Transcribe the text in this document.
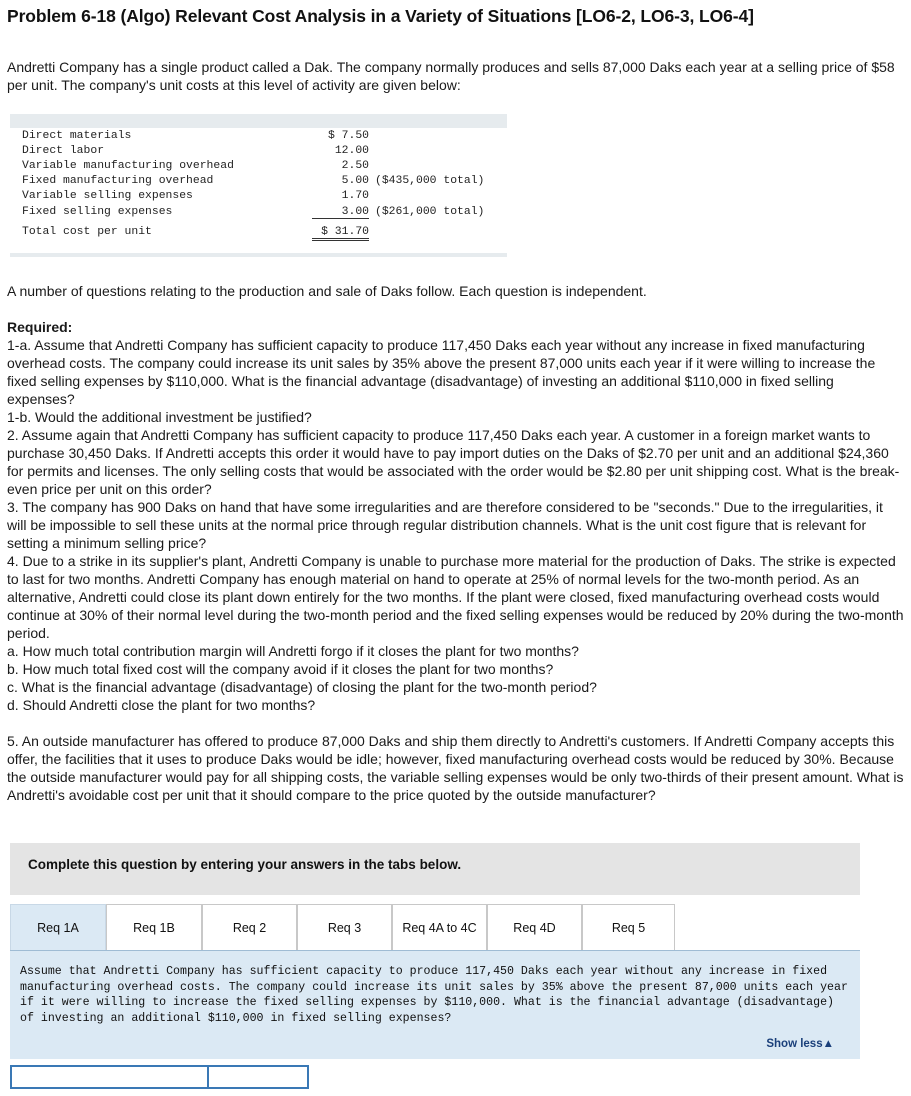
Problem 6-18 (Algo) Relevant Cost Analysis in a Variety of Situations [LO6-2, LO6-3, LO6-4]
Andretti Company has a single product called a Dak. The company normally produces and sells 87,000 Daks each year at a selling price of $58 per unit. The company's unit costs at this level of activity are given below:
Direct materials	$ 7.50
Direct labor	12.00
Variable manufacturing overhead	2.50
Fixed manufacturing overhead	5.00 ($435,000 total)
Variable selling expenses	1.70
Fixed selling expenses	3.00 ($261,000 total)
Total cost per unit	$ 31.70
A number of questions relating to the production and sale of Daks follow. Each question is independent.
Required:
1-a. Assume that Andretti Company has sufficient capacity to produce 117,450 Daks each year without any increase in fixed manufacturing overhead costs. The company could increase its unit sales by 35% above the present 87,000 units each year if it were willing to increase the fixed selling expenses by $110,000. What is the financial advantage (disadvantage) of investing an additional $110,000 in fixed selling expenses?
1-b. Would the additional investment be justified?
2. Assume again that Andretti Company has sufficient capacity to produce 117,450 Daks each year. A customer in a foreign market wants to purchase 30,450 Daks. If Andretti accepts this order it would have to pay import duties on the Daks of $2.70 per unit and an additional $24,360 for permits and licenses. The only selling costs that would be associated with the order would be $2.80 per unit shipping cost. What is the break-even price per unit on this order?
3. The company has 900 Daks on hand that have some irregularities and are therefore considered to be "seconds." Due to the irregularities, it will be impossible to sell these units at the normal price through regular distribution channels. What is the unit cost figure that is relevant for setting a minimum selling price?
4. Due to a strike in its supplier's plant, Andretti Company is unable to purchase more material for the production of Daks. The strike is expected to last for two months. Andretti Company has enough material on hand to operate at 25% of normal levels for the two-month period. As an alternative, Andretti could close its plant down entirely for the two months. If the plant were closed, fixed manufacturing overhead costs would continue at 30% of their normal level during the two-month period and the fixed selling expenses would be reduced by 20% during the two-month period.
a. How much total contribution margin will Andretti forgo if it closes the plant for two months?
b. How much total fixed cost will the company avoid if it closes the plant for two months?
c. What is the financial advantage (disadvantage) of closing the plant for the two-month period?
d. Should Andretti close the plant for two months?
5. An outside manufacturer has offered to produce 87,000 Daks and ship them directly to Andretti's customers. If Andretti Company accepts this offer, the facilities that it uses to produce Daks would be idle; however, fixed manufacturing overhead costs would be reduced by 30%. Because the outside manufacturer would pay for all shipping costs, the variable selling expenses would be only two-thirds of their present amount. What is Andretti's avoidable cost per unit that it should compare to the price quoted by the outside manufacturer?
Complete this question by entering your answers in the tabs below.
Req 1A	Req 1B	Req 2	Req 3	Req 4A to 4C	Req 4D	Req 5
Assume that Andretti Company has sufficient capacity to produce 117,450 Daks each year without any increase in fixed manufacturing overhead costs. The company could increase its unit sales by 35% above the present 87,000 units each year if it were willing to increase the fixed selling expenses by $110,000. What is the financial advantage (disadvantage) of investing an additional $110,000 in fixed selling expenses?
Show less▲
